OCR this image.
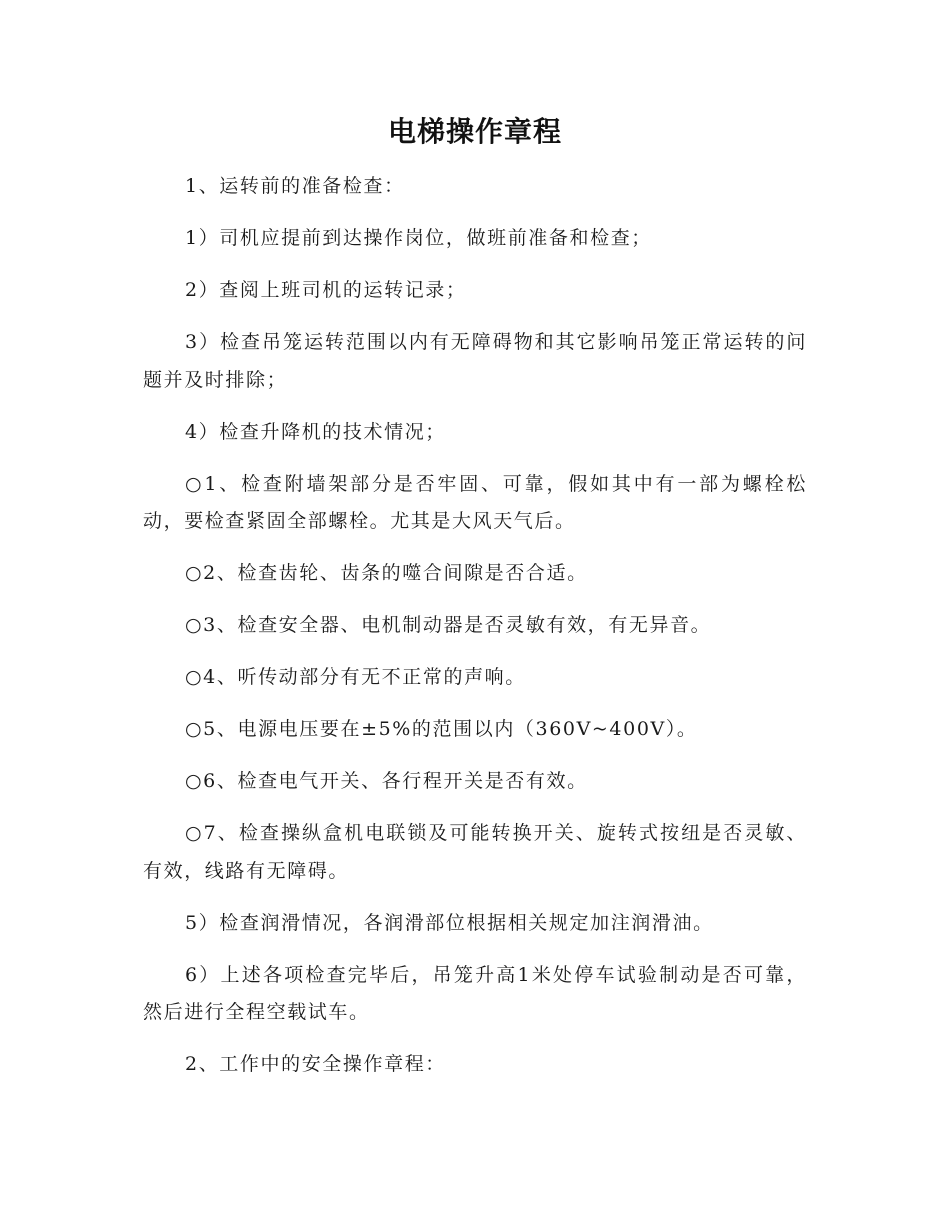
电梯操作章程

1、运转前的准备检查：

1）司机应提前到达操作岗位，做班前准备和检查；

2）查阅上班司机的运转记录；

3）检查吊笼运转范围以内有无障碍物和其它影响吊笼正常运转的问题并及时排除；

4）检查升降机的技术情况；

○1、检查附墙架部分是否牢固、可靠，假如其中有一部为螺栓松动，要检查紧固全部螺栓。尤其是大风天气后。

○2、检查齿轮、齿条的噬合间隙是否合适。

○3、检查安全器、电机制动器是否灵敏有效，有无异音。

○4、听传动部分有无不正常的声响。

○5、电源电压要在±5%的范围以内（360V~400V）。

○6、检查电气开关、各行程开关是否有效。

○7、检查操纵盒机电联锁及可能转换开关、旋转式按纽是否灵敏、有效，线路有无障碍。

5）检查润滑情况，各润滑部位根据相关规定加注润滑油。

6）上述各项检查完毕后，吊笼升高1米处停车试验制动是否可靠，然后进行全程空载试车。

2、工作中的安全操作章程：
